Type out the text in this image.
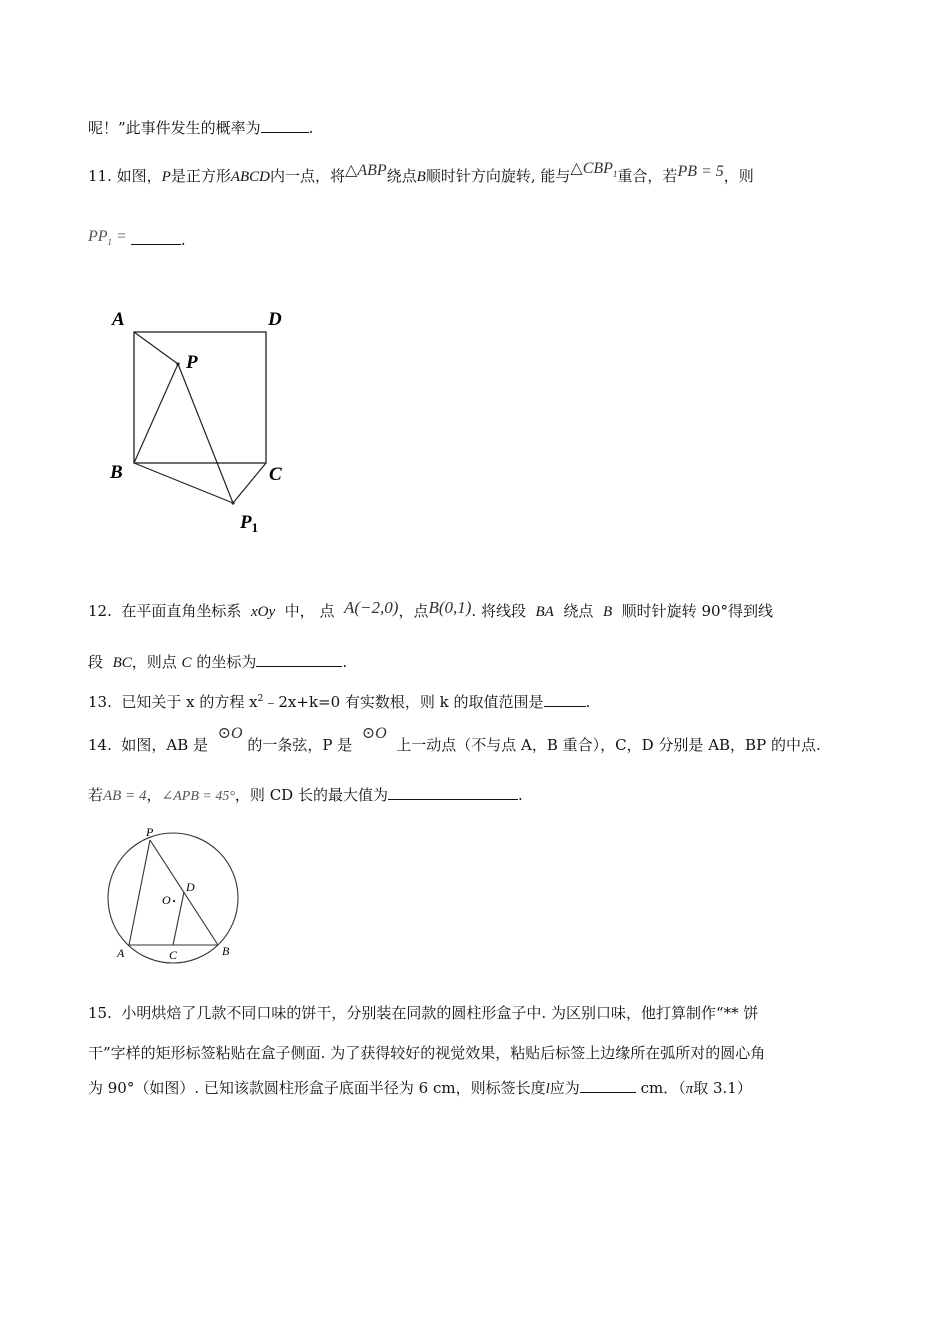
呢！”此事件发生的概率为	.
11. 如图，P是正方形ABCD内一点，将△ABP绕点B顺时针方向旋转, 能与$\triangle CBP_1$重合，若PB = 5，则
$PP_1$ =	.
A	D
P
B	C
$P_1$
12. 在平面直角坐标系 xOy 中， 点 A(−2,0)，点B(0,1). 将线段 BA 绕点 B 顺时针旋转 90°得到线
段 BC，则点 C 的坐标为	.
13. 已知关于 x 的方程 $x^2﹣2x+k=0$ 有实数根，则 k 的取值范围是	.
14. 如图，AB 是  ⊙O 的一条弦，P 是  ⊙O  上一动点（不与点 A，B 重合），C，D 分别是 AB，BP 的中点.
若AB = 4，∠APB = 45°，则 CD 长的最大值为	.
P
D
O
A	C	B
15. 小明烘焙了几款不同口味的饼干，分别装在同款的圆柱形盒子中. 为区别口味，他打算制作“** 饼
干”字样的矩形标签粘贴在盒子侧面. 为了获得较好的视觉效果，粘贴后标签上边缘所在弧所对的圆心角
为 90°（如图）. 已知该款圆柱形盒子底面半径为 6 cm，则标签长度l应为	cm．（π取 3.1）
